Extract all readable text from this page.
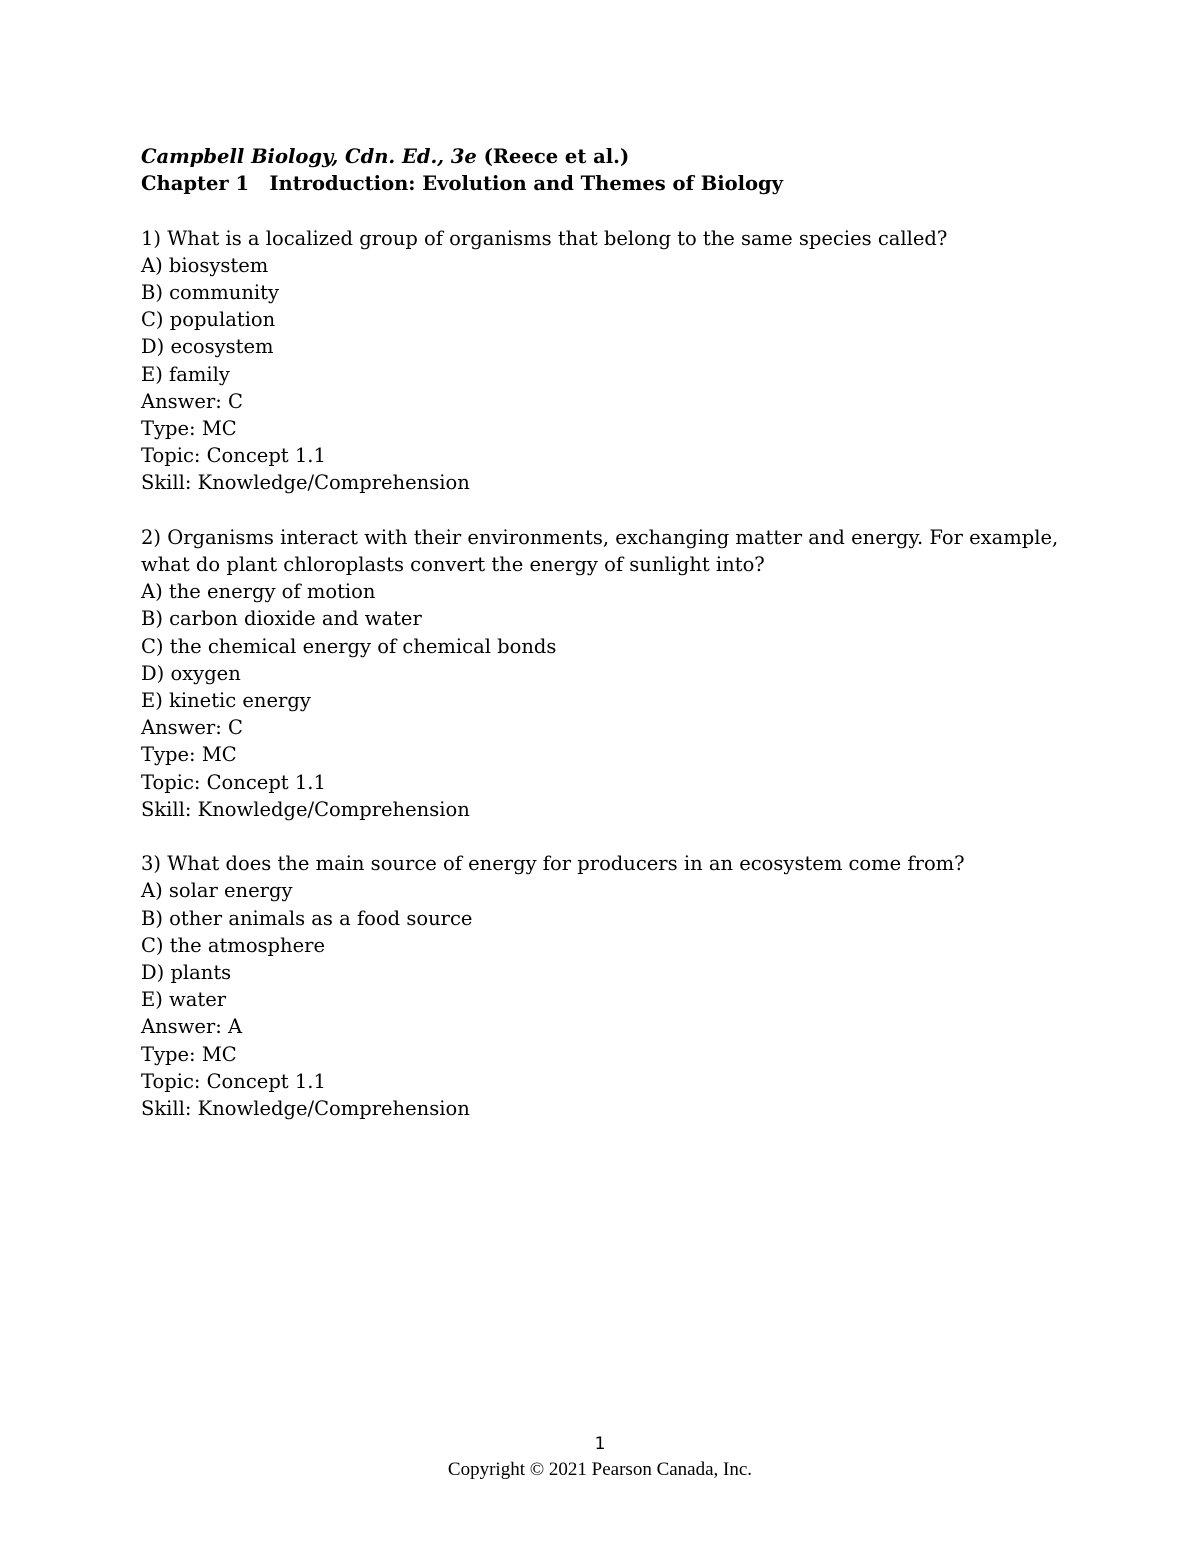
Campbell Biology, Cdn. Ed., 3e (Reece et al.)

Chapter 1 Introduction: Evolution and Themes of Biology

1) What is a localized group of organisms that belong to the same species called?

A) biosystem

B) community

C) population

D) ecosystem

E) family

Answer: C

Type: MC

Topic: Concept 1.1

Skill: Knowledge/Comprehension

2) Organisms interact with their environments, exchanging matter and energy. For example, what do plant chloroplasts convert the energy of sunlight into?

A) the energy of motion

B) carbon dioxide and water

C) the chemical energy of chemical bonds

D) oxygen

E) kinetic energy

Answer: C

Type: MC

Topic: Concept 1.1

Skill: Knowledge/Comprehension

3) What does the main source of energy for producers in an ecosystem come from?

A) solar energy

B) other animals as a food source

C) the atmosphere

D) plants

E) water

Answer: A

Type: MC

Topic: Concept 1.1

Skill: Knowledge/Comprehension

1
Copyright © 2021 Pearson Canada, Inc.
